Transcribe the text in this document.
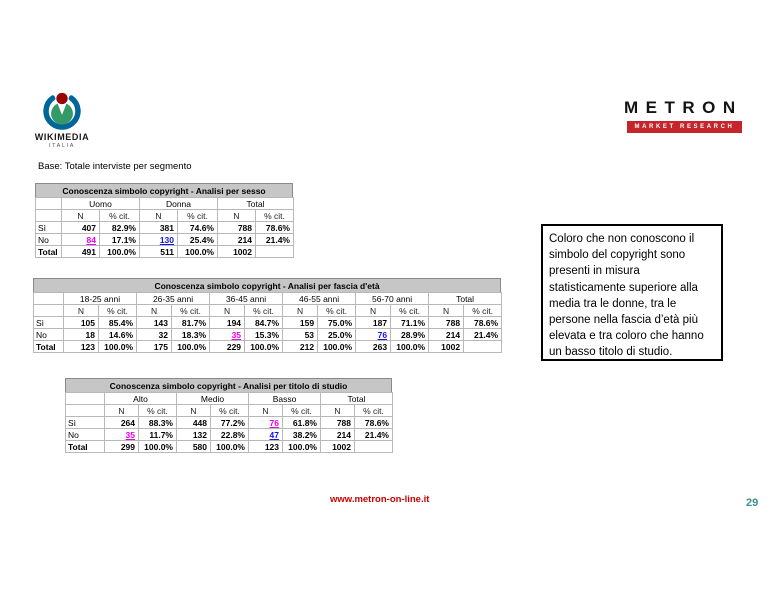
WIKIMEDIA
ITALIA
METRON
MARKET RESEARCH
Base: Totale interviste per segmento
Conoscenza simbolo copyright - Analisi per sesso
	Uomo		Donna		Total	
	N	% cit.	N	% cit.	N	% cit.
Sì	407	82.9%	381	74.6%	788	78.6%
No	84	17.1%	130	25.4%	214	21.4%
Total	491	100.0%	511	100.0%	1002	
Conoscenza simbolo copyright - Analisi per fascia d'età
	18-25 anni		26-35 anni		36-45 anni		46-55 anni		56-70 anni		Total	
	N	% cit.	N	% cit.	N	% cit.	N	% cit.	N	% cit.	N	% cit.
Sì	105	85.4%	143	81.7%	194	84.7%	159	75.0%	187	71.1%	788	78.6%
No	18	14.6%	32	18.3%	35	15.3%	53	25.0%	76	28.9%	214	21.4%
Total	123	100.0%	175	100.0%	229	100.0%	212	100.0%	263	100.0%	1002	
Conoscenza simbolo copyright - Analisi per titolo di studio
	Alto		Medio		Basso		Total	
	N	% cit.	N	% cit.	N	% cit.	N	% cit.
Sì	264	88.3%	448	77.2%	76	61.8%	788	78.6%
No	35	11.7%	132	22.8%	47	38.2%	214	21.4%
Total	299	100.0%	580	100.0%	123	100.0%	1002	
Coloro che non conoscono il simbolo del copyright sono presenti in misura statisticamente superiore alla media tra le donne, tra le persone nella fascia d’età più elevata e tra coloro che hanno un basso titolo di studio.
www.metron-on-line.it	29
